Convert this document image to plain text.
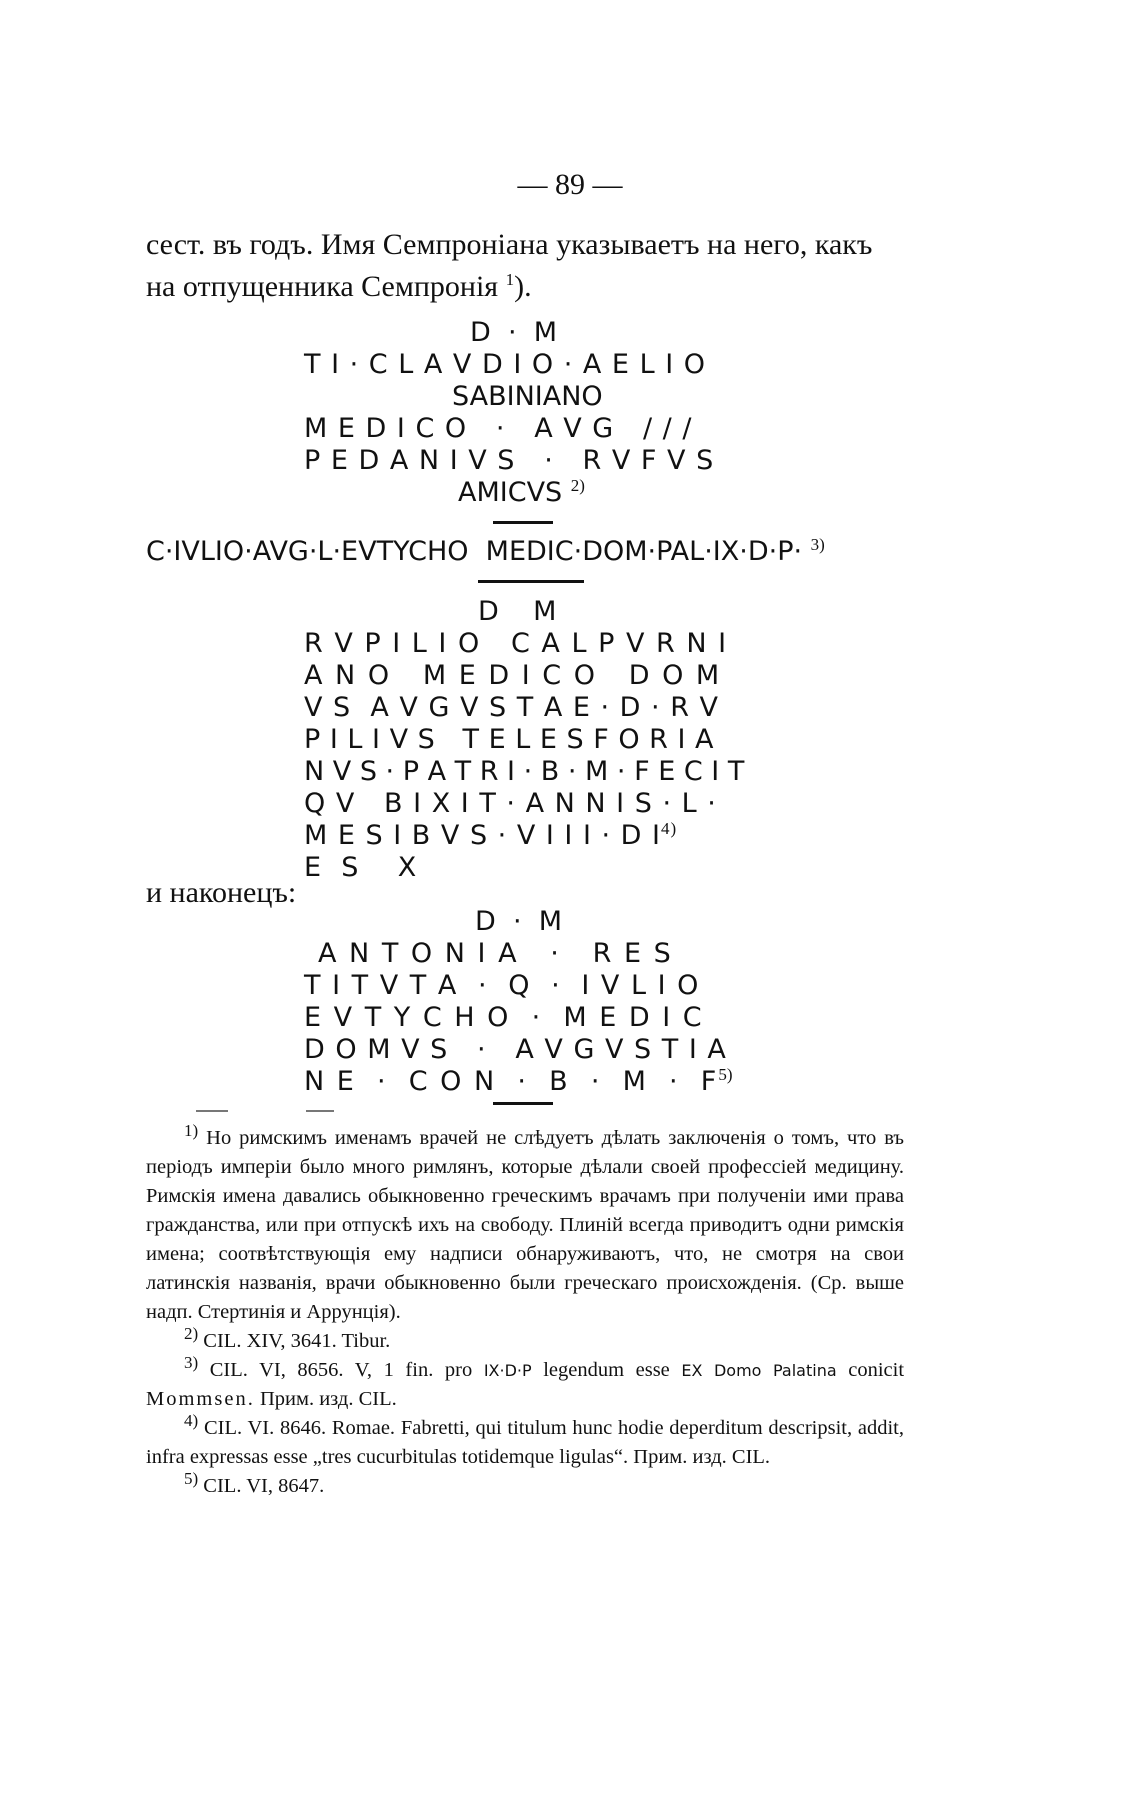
— 89 —

сест. въ годъ. Имя Семпроніана указываетъ на него, какъ

на отпущенника Семпронія $^1$).

D  ·  M
T I · C L A V D I O · A E L I O
SABINIANO
M E D I C O   ·   A V G   / / /
P E D A N I V S   ·   R V F V S
AMICVS $^{2)}$
C·IVLIO·AVG·L·EVTYCHO  MEDIC·DOM·PAL·IX·D·P· $^{3)}$
D    M
R V P I L I O   C A L P V R N I
A N O   M E D I C O   D O M
V S  A V G V S T A E · D · R V
P I L I V S   T E L E S F O R I A
N V S · P A T R I · B · M · F E C I T
Q V   B I X I T · A N N I S · L ·
M E S I B V S · V I I I · D I$^{4)}$
E  S    X
и наконецъ:
D  ·  M
A N T O N I A   ·   R E S
T I T V T A  ·  Q  ·  I V L I O
E V T Y C H O  ·  M E D I C
D O M V S   ·   A V G V S T I A
N E  ·  C O N  ·  B  ·  M  ·  F$^{5)}$

$^{1)}$ Но римскимъ именамъ врачей не слѣдуетъ дѣлать заключенія о томъ, что въ періодъ имперіи было много римлянъ, которые дѣлали своей профессіей медицину. Римскія имена давались обыкновенно греческимъ врачамъ при полученіи ими права гражданства, или при отпускѣ ихъ на свободу. Плиній всегда приводитъ одни римскія имена; соотвѣтствующія ему надписи обнаруживаютъ, что, не смотря на свои латинскія названія, врачи обыкновенно были греческаго происхожденія. (Ср. выше надп. Стертинія и Аррунція).

$^{2)}$ CIL. XIV, 3641. Tibur.

$^{3)}$ CIL. VI, 8656. V, 1 fin. pro IX·D·P legendum esse EX Domo Palatina conicit Mommsen. Прим. изд. CIL.

$^{4)}$ CIL. VI. 8646. Romae. Fabretti, qui titulum hunc hodie deperditum descripsit, addit, infra expressas esse „tres cucurbitulas totidemque ligulas“. Прим. изд. CIL.

$^{5)}$ CIL. VI, 8647.
